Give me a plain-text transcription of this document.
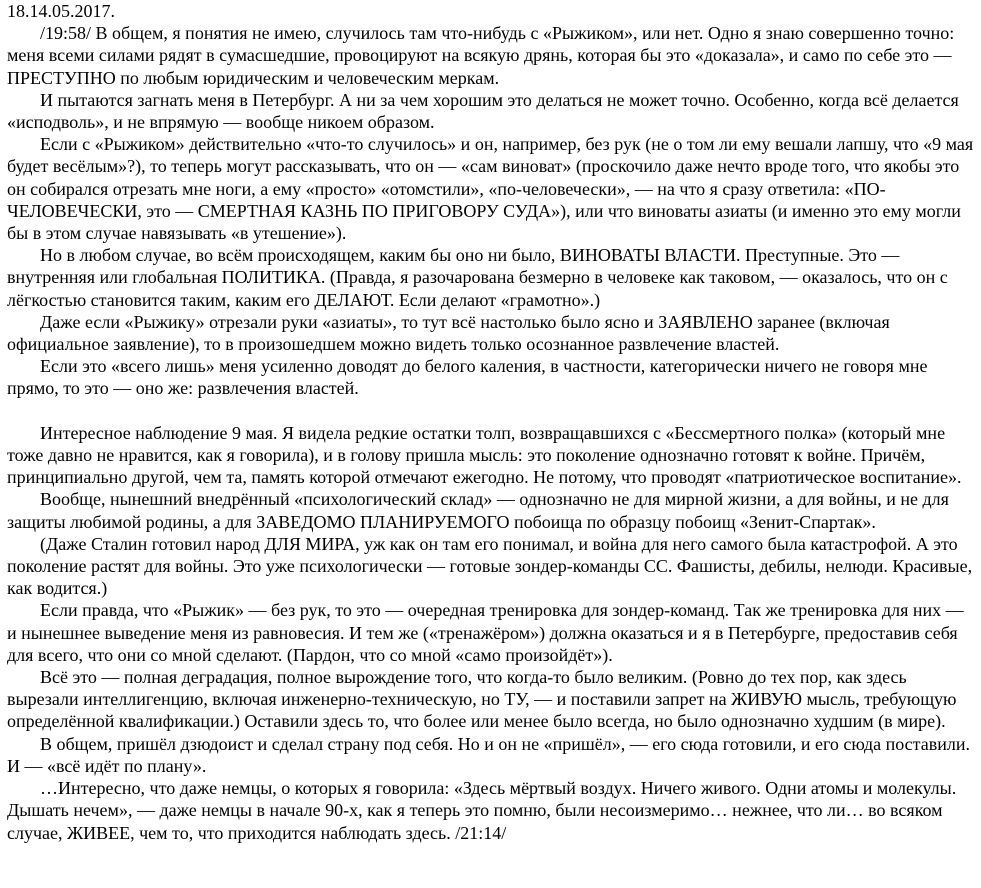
18.14.05.2017.

/19:58/ В общем, я понятия не имею, случилось там что-нибудь с «Рыжиком», или нет. Одно я знаю совершенно точно: меня всеми силами рядят в сумасшедшие, провоцируют на всякую дрянь, которая бы это «доказала», и само по себе это — ПРЕСТУПНО по любым юридическим и человеческим меркам.

И пытаются загнать меня в Петербург. А ни за чем хорошим это делаться не может точно. Особенно, когда всё делается «исподволь», и не впрямую — вообще никоем образом.

Если с «Рыжиком» действительно «что-то случилось» и он, например, без рук (не о том ли ему вешали лапшу, что «9 мая будет весёлым»?), то теперь могут рассказывать, что он — «сам виноват» (проскочило даже нечто вроде того, что якобы это он собирался отрезать мне ноги, а ему «просто» «отомстили», «по-человечески», — на что я сразу ответила: «ПО-ЧЕЛОВЕЧЕСКИ, это — СМЕРТНАЯ КАЗНЬ ПО ПРИГОВОРУ СУДА»), или что виноваты азиаты (и именно это ему могли бы в этом случае навязывать «в утешение»).

Но в любом случае, во всём происходящем, каким бы оно ни было, ВИНОВАТЫ ВЛАСТИ. Преступные. Это — внутренняя или глобальная ПОЛИТИКА. (Правда, я разочарована безмерно в человеке как таковом, — оказалось, что он с лёгкостью становится таким, каким его ДЕЛАЮТ. Если делают «грамотно».)

Даже если «Рыжику» отрезали руки «азиаты», то тут всё настолько было ясно и ЗАЯВЛЕНО заранее (включая официальное заявление), то в произошедшем можно видеть только осознанное развлечение властей.

Если это «всего лишь» меня усиленно доводят до белого каления, в частности, категорически ничего не говоря мне прямо, то это — оно же: развлечения властей.

Интересное наблюдение 9 мая. Я видела редкие остатки толп, возвращавшихся с «Бессмертного полка» (который мне тоже давно не нравится, как я говорила), и в голову пришла мысль: это поколение однозначно готовят к войне. Причём, принципиально другой, чем та, память которой отмечают ежегодно. Не потому, что проводят «патриотическое воспитание».

Вообще, нынешний внедрённый «психологический склад» — однозначно не для мирной жизни, а для войны, и не для защиты любимой родины, а для ЗАВЕДОМО ПЛАНИРУЕМОГО побоища по образцу побоищ «Зенит-Спартак».

(Даже Сталин готовил народ ДЛЯ МИРА, уж как он там его понимал, и война для него самого была катастрофой. А это поколение растят для войны. Это уже психологически — готовые зондер-команды СС. Фашисты, дебилы, нелюди. Красивые, как водится.)

Если правда, что «Рыжик» — без рук, то это — очередная тренировка для зондер-команд. Так же тренировка для них — и нынешнее выведение меня из равновесия. И тем же («тренажёром») должна оказаться и я в Петербурге, предоставив себя для всего, что они со мной сделают. (Пардон, что со мной «само произойдёт»).

Всё это — полная деградация, полное вырождение того, что когда-то было великим. (Ровно до тех пор, как здесь вырезали интеллигенцию, включая инженерно-техническую, но ТУ, — и поставили запрет на ЖИВУЮ мысль, требующую определённой квалификации.) Оставили здесь то, что более или менее было всегда, но было однозначно худшим (в мире).

В общем, пришёл дзюдоист и сделал страну под себя. Но и он не «пришёл», — его сюда готовили, и его сюда поставили. И — «всё идёт по плану».

…Интересно, что даже немцы, о которых я говорила: «Здесь мёртвый воздух. Ничего живого. Одни атомы и молекулы. Дышать нечем», — даже немцы в начале 90-х, как я теперь это помню, были несоизмеримо… нежнее, что ли… во всяком случае, ЖИВЕЕ, чем то, что приходится наблюдать здесь. /21:14/
